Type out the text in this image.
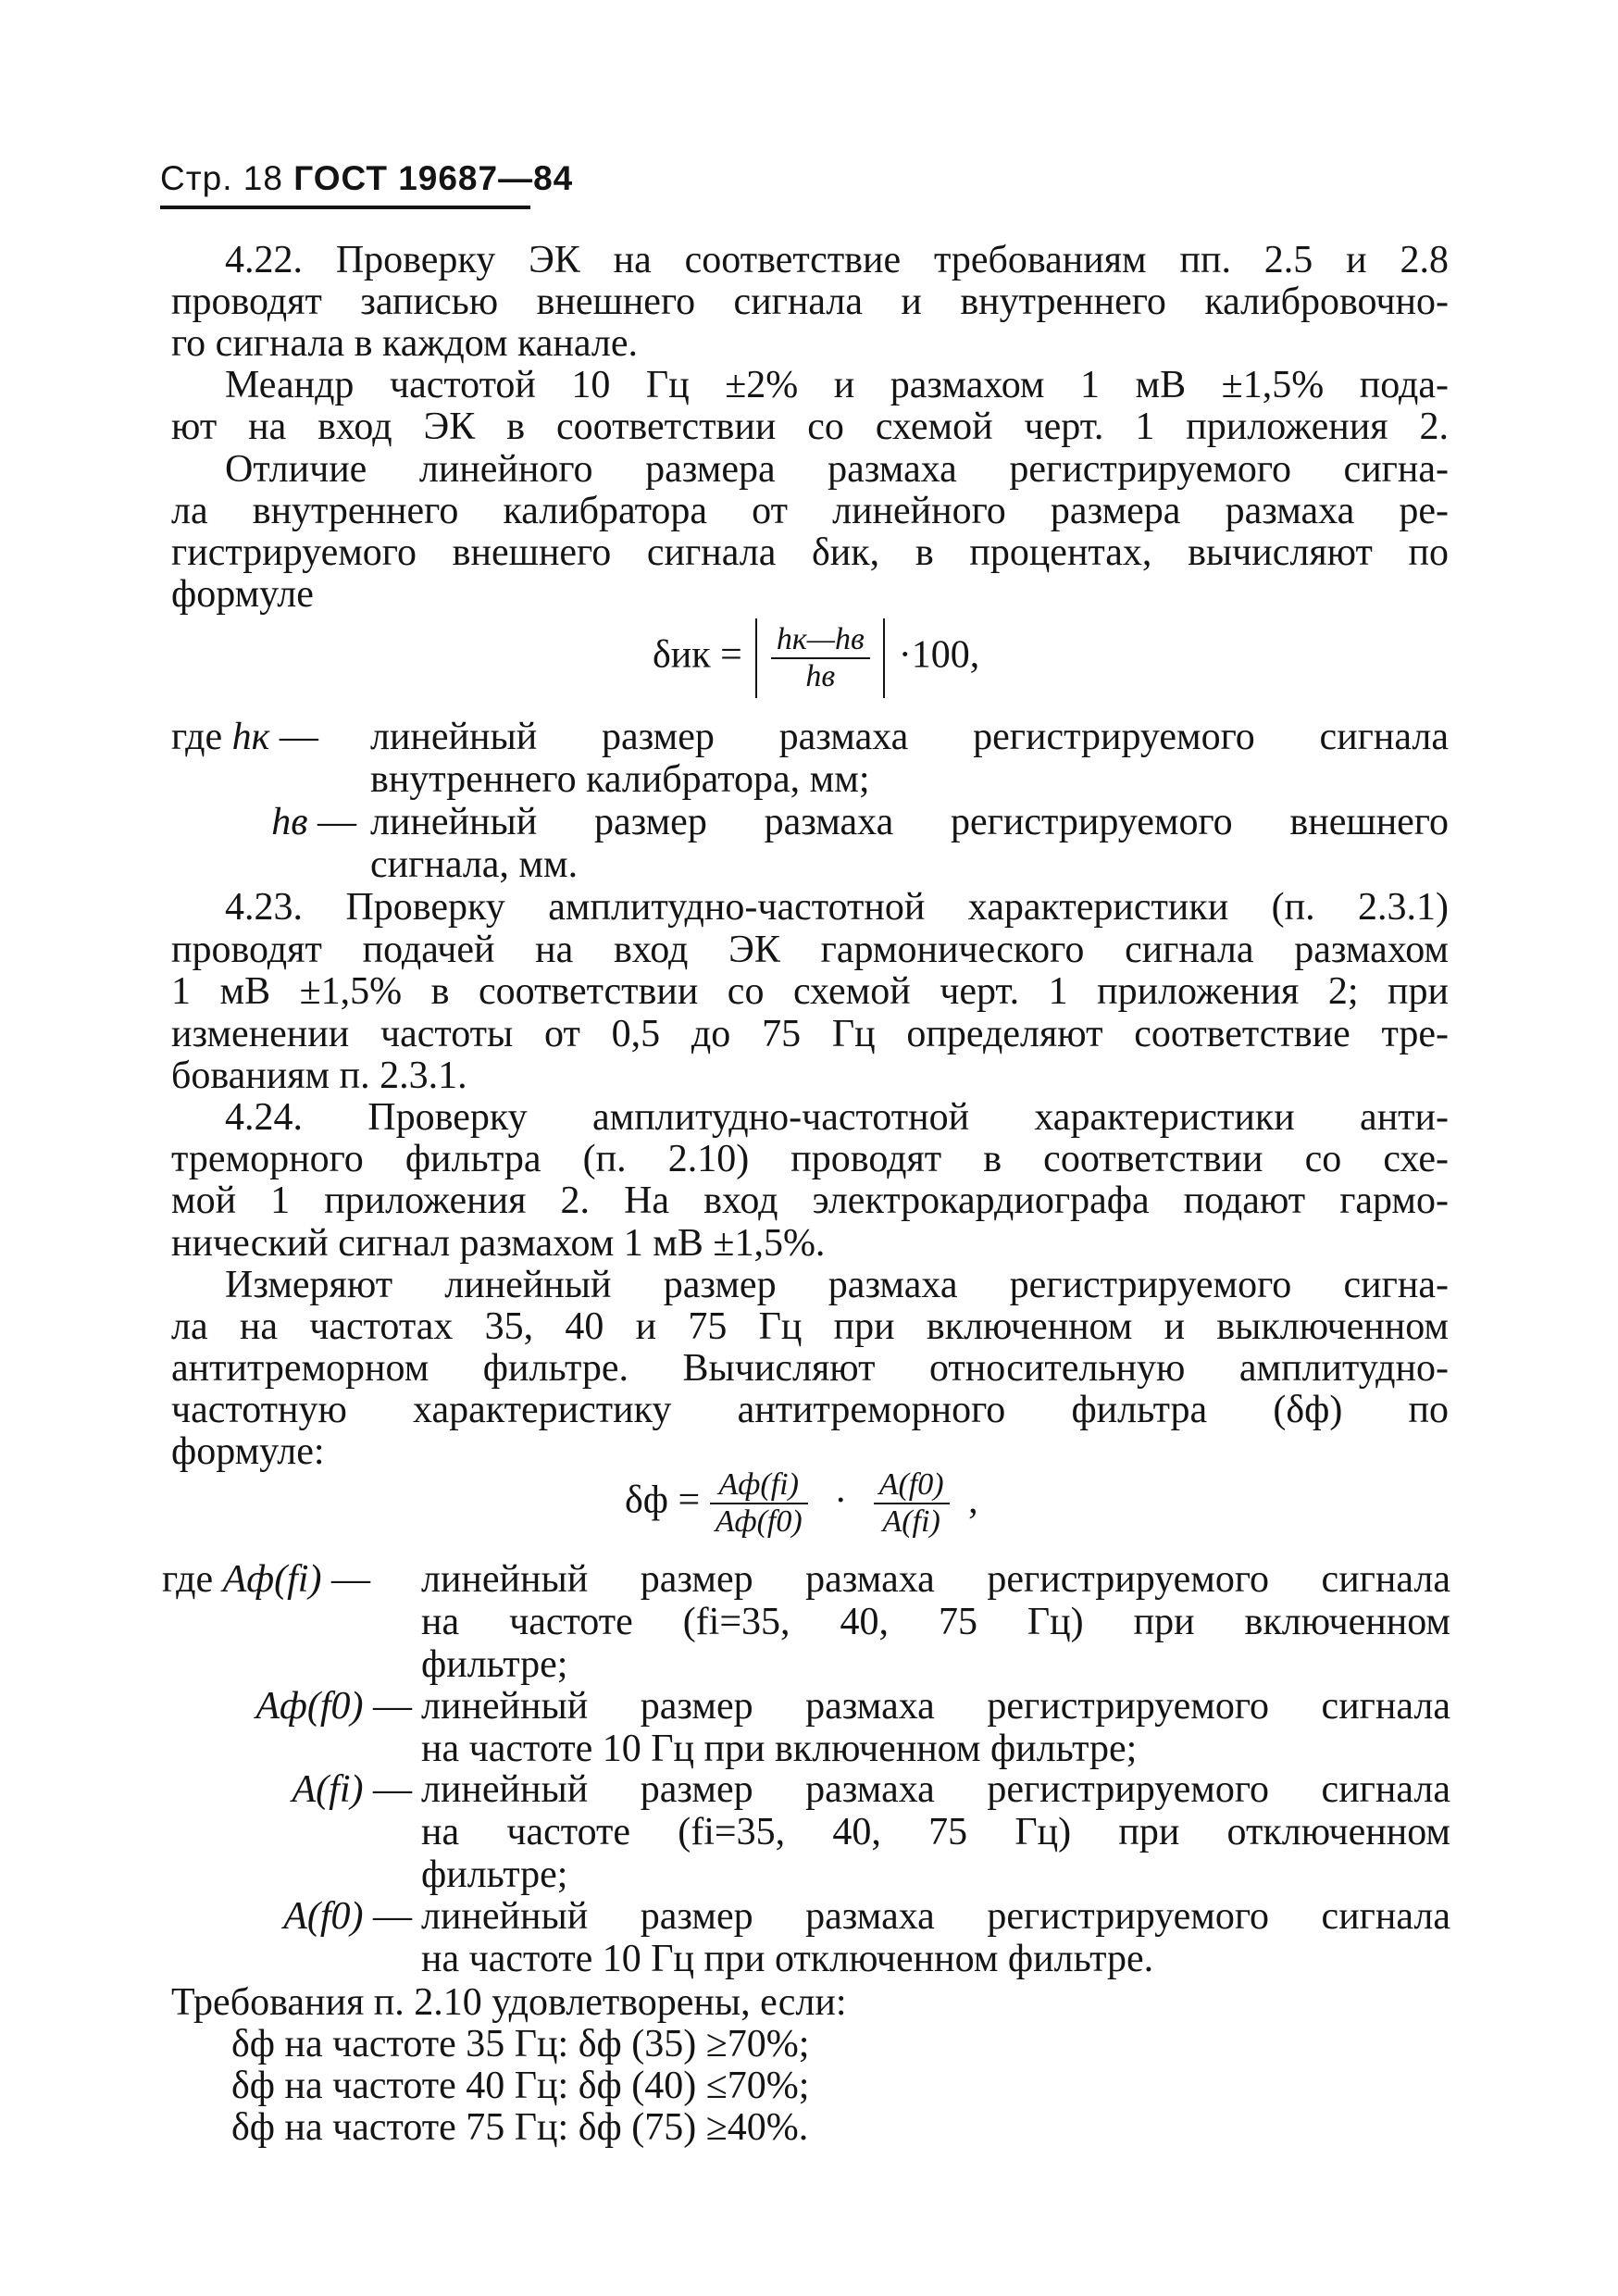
Стр. 18 ГОСТ 19687—84
4.22. Проверку ЭК на соответствие требованиям пп. 2.5 и 2.8
проводят записью внешнего сигнала и внутреннего калибровочно-
го сигнала в каждом канале.
Меандр частотой 10 Гц ±2% и размахом 1 мВ ±1,5% пода-
ют на вход ЭК в соответствии со схемой черт. 1 приложения 2.
Отличие линейного размера размаха регистрируемого сигна-
ла внутреннего калибратора от линейного размера размаха ре-
гистрируемого внешнего сигнала δик, в процентах, вычисляют по
формуле
$\delta ик = \frac{hк—hв}{hв} \cdot 100$,
где hк —	линейный размер размаха регистрируемого сигнала
внутреннего калибратора, мм;
hв — линейный размер размаха регистрируемого внешнего
сигнала, мм.
4.23. Проверку амплитудно-частотной характеристики (п. 2.3.1)
проводят подачей на вход ЭК гармонического сигнала размахом
1 мВ ±1,5% в соответствии со схемой черт. 1 приложения 2; при
изменении частоты от 0,5 до 75 Гц определяют соответствие тре-
бованиям п. 2.3.1.
4.24. Проверку амплитудно-частотной характеристики анти-
треморного фильтра (п. 2.10) проводят в соответствии со схе-
мой 1 приложения 2. На вход электрокардиографа подают гармо-
нический сигнал размахом 1 мВ ±1,5%.
Измеряют линейный размер размаха регистрируемого сигна-
ла на частотах 35, 40 и 75 Гц при включенном и выключенном
антитреморном фильтре. Вычисляют относительную амплитудно-
частотную характеристику антитреморного фильтра (δф) по
формуле:
$\delta ф = \frac{Aф(fi)}{Aф(f0)} \cdot \frac{A(f0)}{A(fi)}$ ,
где Aф(fi) —	линейный размер размаха регистрируемого сигнала
на частоте (fi=35, 40, 75 Гц) при включенном
фильтре;
Aф(f0) — линейный размер размаха регистрируемого сигнала
на частоте 10 Гц при включенном фильтре;
A(fi) — линейный размер размаха регистрируемого сигнала
на частоте (fi=35, 40, 75 Гц) при отключенном
фильтре;
A(f0) — линейный размер размаха регистрируемого сигнала
на частоте 10 Гц при отключенном фильтре.
Требования п. 2.10 удовлетворены, если:
δф на частоте 35 Гц: δф (35) ≥70%;
δф на частоте 40 Гц: δф (40) ≤70%;
δф на частоте 75 Гц: δф (75) ≥40%.
